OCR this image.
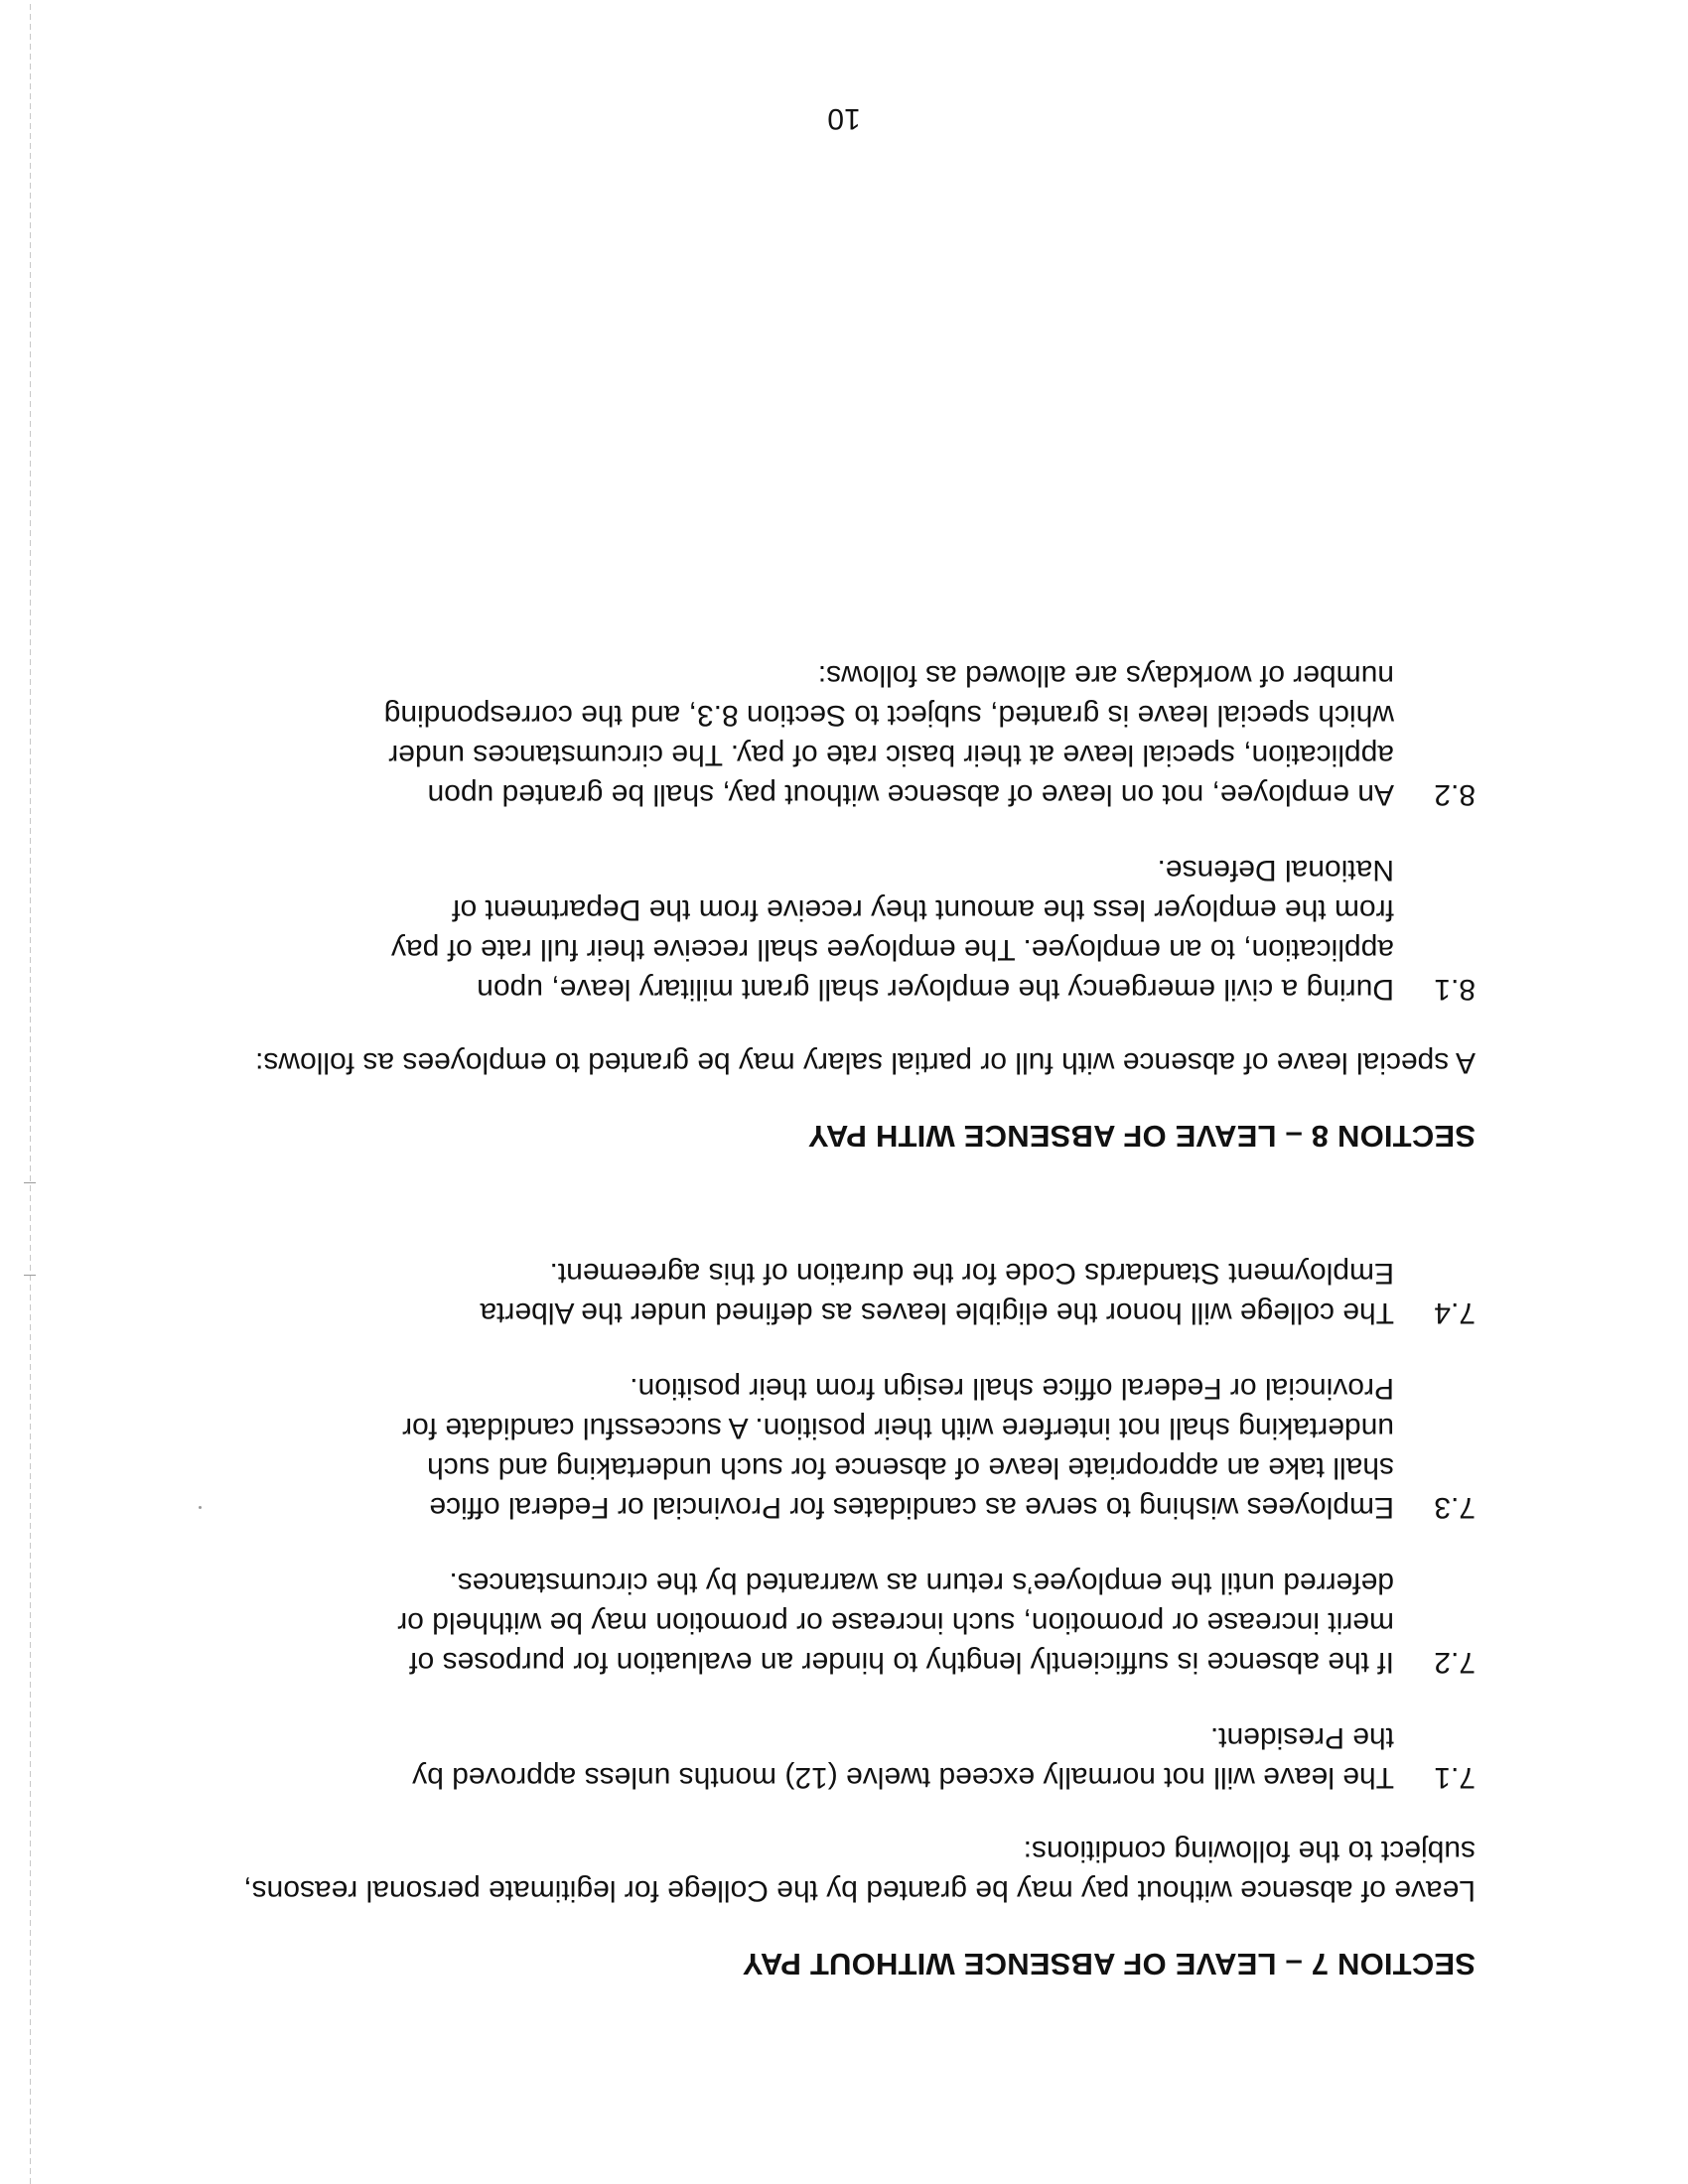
SECTION 7 – LEAVE OF ABSENCE WITHOUT PAY

Leave of absence without pay may be granted by the College for legitimate personal reasons, subject to the following conditions:

7.1
The leave will not normally exceed twelve (12) months unless approved by the President.
7.2
If the absence is sufficiently lengthy to hinder an evaluation for purposes of merit increase or promotion, such increase or promotion may be withheld or deferred until the employee’s return as warranted by the circumstances.
7.3
Employees wishing to serve as candidates for Provincial or Federal office shall take an appropriate leave of absence for such undertaking and such undertaking shall not interfere with their position. A successful candidate for Provincial or Federal office shall resign from their position.
7.4
The college will honor the eligible leaves as defined under the Alberta Employment Standards Code for the duration of this agreement.
SECTION 8 – LEAVE OF ABSENCE WITH PAY

A special leave of absence with full or partial salary may be granted to employees as follows:

8.1
During a civil emergency the employer shall grant military leave, upon application, to an employee. The employee shall receive their full rate of pay from the employer less the amount they receive from the Department of National Defense.
8.2
An employee, not on leave of absence without pay, shall be granted upon application, special leave at their basic rate of pay. The circumstances under which special leave is granted, subject to Section 8.3, and the corresponding number of workdays are allowed as follows:
10
